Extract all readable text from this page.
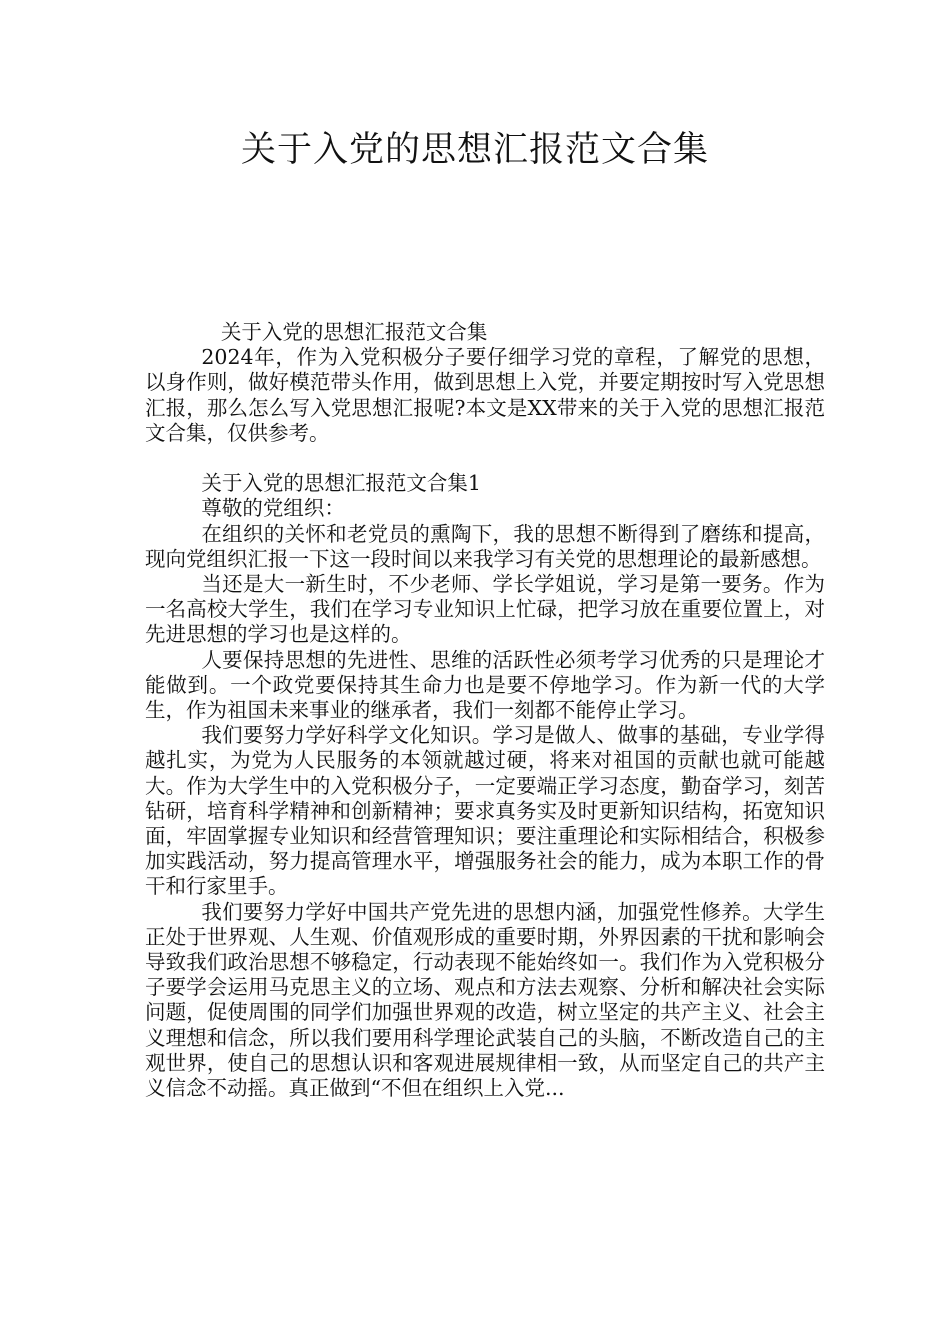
关于入党的思想汇报范文合集

关于入党的思想汇报范文合集

2024年，作为入党积极分子要仔细学习党的章程，了解党的思想，以身作则，做好模范带头作用，做到思想上入党，并要定期按时写入党思想汇报，那么怎么写入党思想汇报呢?本文是XX带来的关于入党的思想汇报范文合集，仅供参考。

关于入党的思想汇报范文合集1

尊敬的党组织：

在组织的关怀和老党员的熏陶下，我的思想不断得到了磨练和提高，现向党组织汇报一下这一段时间以来我学习有关党的思想理论的最新感想。

当还是大一新生时，不少老师、学长学姐说，学习是第一要务。作为一名高校大学生，我们在学习专业知识上忙碌，把学习放在重要位置上，对先进思想的学习也是这样的。

人要保持思想的先进性、思维的活跃性必须考学习优秀的只是理论才能做到。一个政党要保持其生命力也是要不停地学习。作为新一代的大学生，作为祖国未来事业的继承者，我们一刻都不能停止学习。

我们要努力学好科学文化知识。学习是做人、做事的基础，专业学得越扎实，为党为人民服务的本领就越过硬，将来对祖国的贡献也就可能越大。作为大学生中的入党积极分子，一定要端正学习态度，勤奋学习，刻苦钻研，培育科学精神和创新精神；要求真务实及时更新知识结构，拓宽知识面，牢固掌握专业知识和经营管理知识；要注重理论和实际相结合，积极参加实践活动，努力提高管理水平，增强服务社会的能力，成为本职工作的骨干和行家里手。

我们要努力学好中国共产党先进的思想内涵，加强党性修养。大学生正处于世界观、人生观、价值观形成的重要时期，外界因素的干扰和影响会导致我们政治思想不够稳定，行动表现不能始终如一。我们作为入党积极分子要学会运用马克思主义的立场、观点和方法去观察、分析和解决社会实际问题，促使周围的同学们加强世界观的改造，树立坚定的共产主义、社会主义理想和信念，所以我们要用科学理论武装自己的头脑，不断改造自己的主观世界，使自己的思想认识和客观进展规律相一致，从而坚定自己的共产主义信念不动摇。真正做到“不但在组织上入党...
